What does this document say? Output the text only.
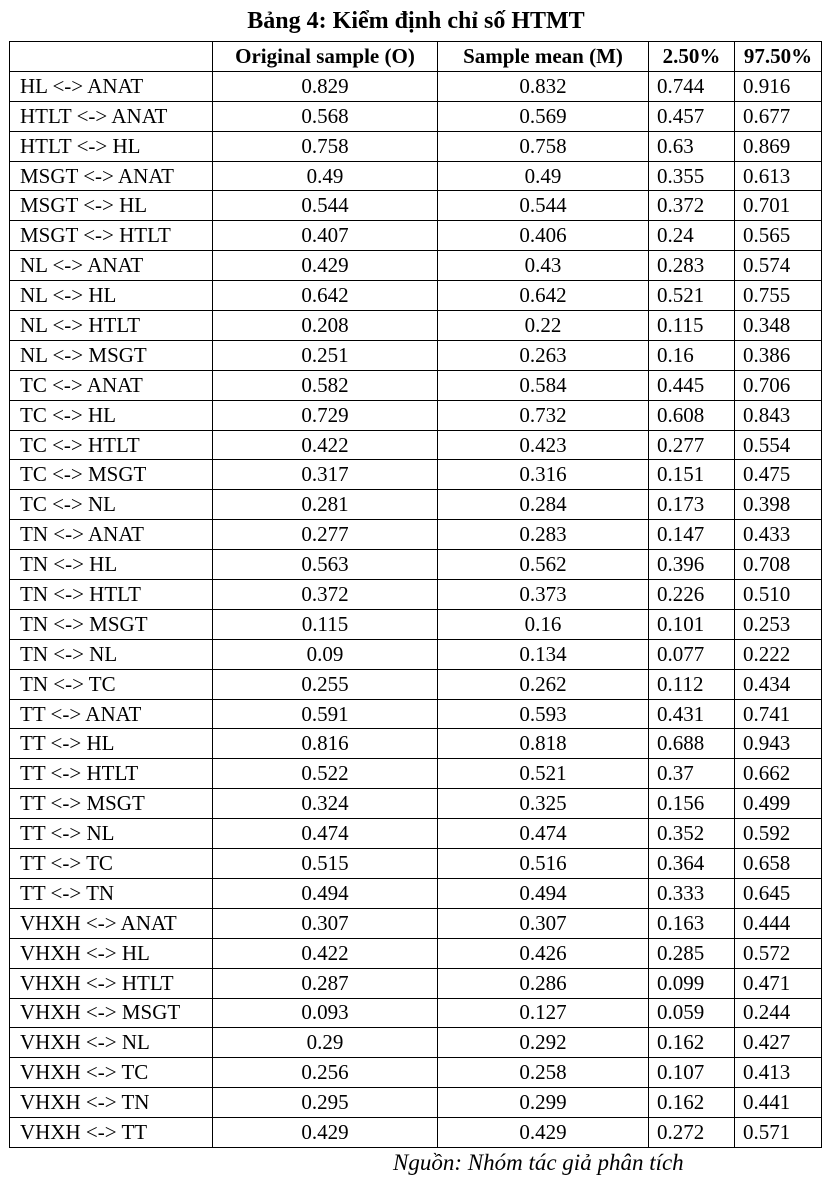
Bảng 4: Kiểm định chỉ số HTMT
	Original sample (O)	Sample mean (M)	2.50%	97.50%
HL <-> ANAT	0.829	0.832	0.744	0.916
HTLT <-> ANAT	0.568	0.569	0.457	0.677
HTLT <-> HL	0.758	0.758	0.63	0.869
MSGT <-> ANAT	0.49	0.49	0.355	0.613
MSGT <-> HL	0.544	0.544	0.372	0.701
MSGT <-> HTLT	0.407	0.406	0.24	0.565
NL <-> ANAT	0.429	0.43	0.283	0.574
NL <-> HL	0.642	0.642	0.521	0.755
NL <-> HTLT	0.208	0.22	0.115	0.348
NL <-> MSGT	0.251	0.263	0.16	0.386
TC <-> ANAT	0.582	0.584	0.445	0.706
TC <-> HL	0.729	0.732	0.608	0.843
TC <-> HTLT	0.422	0.423	0.277	0.554
TC <-> MSGT	0.317	0.316	0.151	0.475
TC <-> NL	0.281	0.284	0.173	0.398
TN <-> ANAT	0.277	0.283	0.147	0.433
TN <-> HL	0.563	0.562	0.396	0.708
TN <-> HTLT	0.372	0.373	0.226	0.510
TN <-> MSGT	0.115	0.16	0.101	0.253
TN <-> NL	0.09	0.134	0.077	0.222
TN <-> TC	0.255	0.262	0.112	0.434
TT <-> ANAT	0.591	0.593	0.431	0.741
TT <-> HL	0.816	0.818	0.688	0.943
TT <-> HTLT	0.522	0.521	0.37	0.662
TT <-> MSGT	0.324	0.325	0.156	0.499
TT <-> NL	0.474	0.474	0.352	0.592
TT <-> TC	0.515	0.516	0.364	0.658
TT <-> TN	0.494	0.494	0.333	0.645
VHXH <-> ANAT	0.307	0.307	0.163	0.444
VHXH <-> HL	0.422	0.426	0.285	0.572
VHXH <-> HTLT	0.287	0.286	0.099	0.471
VHXH <-> MSGT	0.093	0.127	0.059	0.244
VHXH <-> NL	0.29	0.292	0.162	0.427
VHXH <-> TC	0.256	0.258	0.107	0.413
VHXH <-> TN	0.295	0.299	0.162	0.441
VHXH <-> TT	0.429	0.429	0.272	0.571
Nguồn: Nhóm tác giả phân tích
